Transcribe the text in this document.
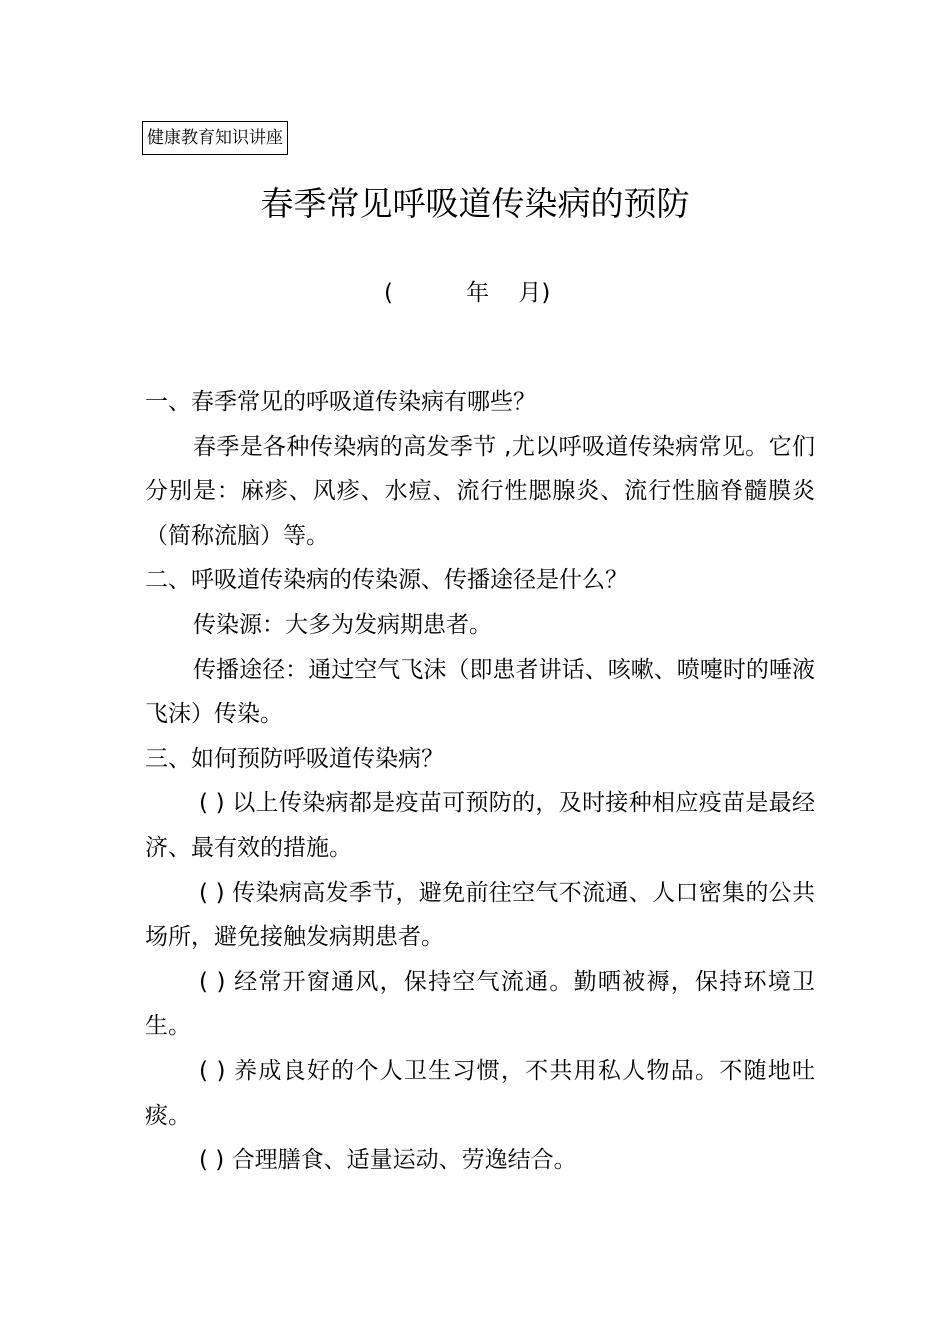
健康教育知识讲座
春季常见呼吸道传染病的预防
(          年    月)

一、春季常见的呼吸道传染病有哪些？

春季是各种传染病的高发季节 ,尤以呼吸道传染病常见。它们分别是：麻疹、风疹、水痘、流行性腮腺炎、流行性脑脊髓膜炎（简称流脑）等。

二、呼吸道传染病的传染源、传播途径是什么？

传染源：大多为发病期患者。

传播途径：通过空气飞沫（即患者讲话、咳嗽、喷嚏时的唾液飞沫）传染。

三、如何预防呼吸道传染病？

( ) 以上传染病都是疫苗可预防的，及时接种相应疫苗是最经济、最有效的措施。

( ) 传染病高发季节，避免前往空气不流通、人口密集的公共场所，避免接触发病期患者。

( ) 经常开窗通风，保持空气流通。勤晒被褥，保持环境卫生。

( ) 养成良好的个人卫生习惯，不共用私人物品。不随地吐痰。

( ) 合理膳食、适量运动、劳逸结合。
